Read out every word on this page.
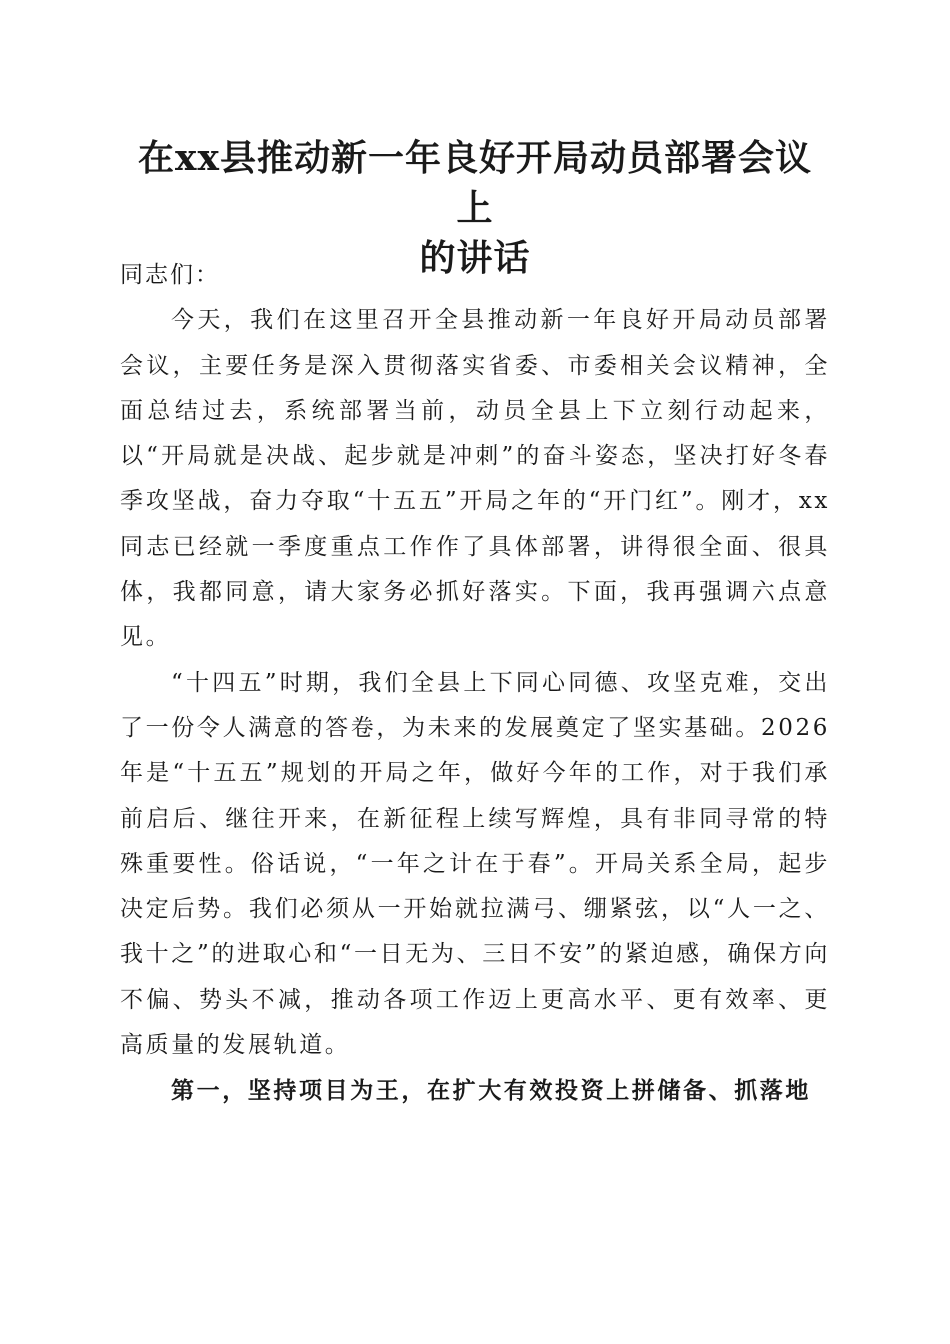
在xx县推动新一年良好开局动员部署会议上
的讲话

同志们：

今天，我们在这里召开全县推动新一年良好开局动员部署会议，主要任务是深入贯彻落实省委、市委相关会议精神，全面总结过去，系统部署当前，动员全县上下立刻行动起来，以“开局就是决战、起步就是冲刺”的奋斗姿态，坚决打好冬春季攻坚战，奋力夺取“十五五”开局之年的“开门红”。刚才，xx同志已经就一季度重点工作作了具体部署，讲得很全面、很具体，我都同意，请大家务必抓好落实。下面，我再强调六点意见。

“十四五”时期，我们全县上下同心同德、攻坚克难，交出了一份令人满意的答卷，为未来的发展奠定了坚实基础。2026年是“十五五”规划的开局之年，做好今年的工作，对于我们承前启后、继往开来，在新征程上续写辉煌，具有非同寻常的特殊重要性。俗话说，“一年之计在于春”。开局关系全局，起步决定后势。我们必须从一开始就拉满弓、绷紧弦，以“人一之、我十之”的进取心和“一日无为、三日不安”的紧迫感，确保方向不偏、势头不减，推动各项工作迈上更高水平、更有效率、更高质量的发展轨道。

第一，坚持项目为王，在扩大有效投资上拼储备、抓落地
